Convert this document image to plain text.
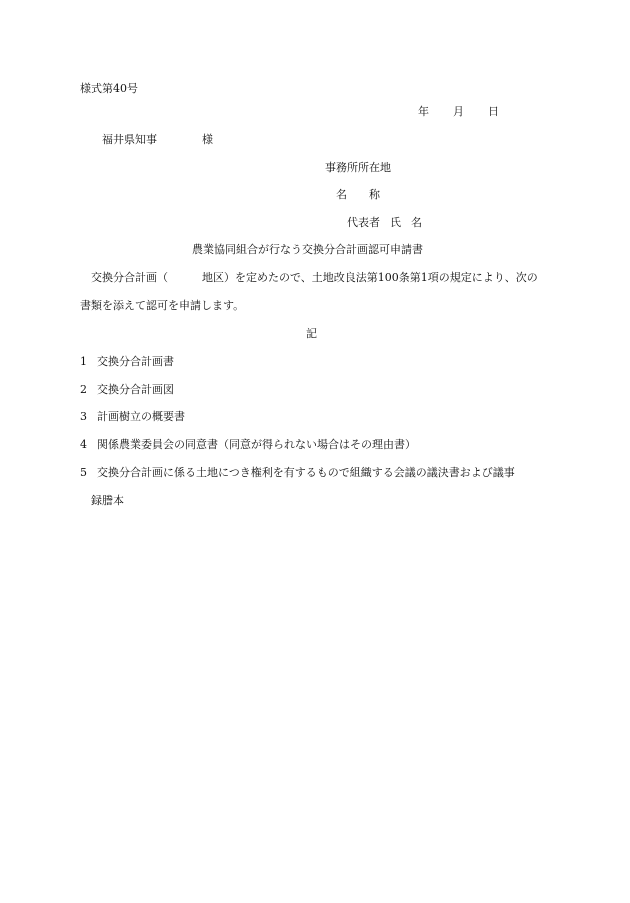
様式第40号
年 月 日
福井県知事	様
事務所所在地
名 称
代表者 氏 名
農業協同組合が行なう交換分合計画認可申請書
交換分合計画（	地区）を定めたので、土地改良法第100条第1項の規定により、次の
書類を添えて認可を申請します。
記
1 交換分合計画書
2 交換分合計画図
3 計画樹立の概要書
4 関係農業委員会の同意書（同意が得られない場合はその理由書）
5 交換分合計画に係る土地につき権利を有するもので組織する会議の議決書および議事
録謄本
